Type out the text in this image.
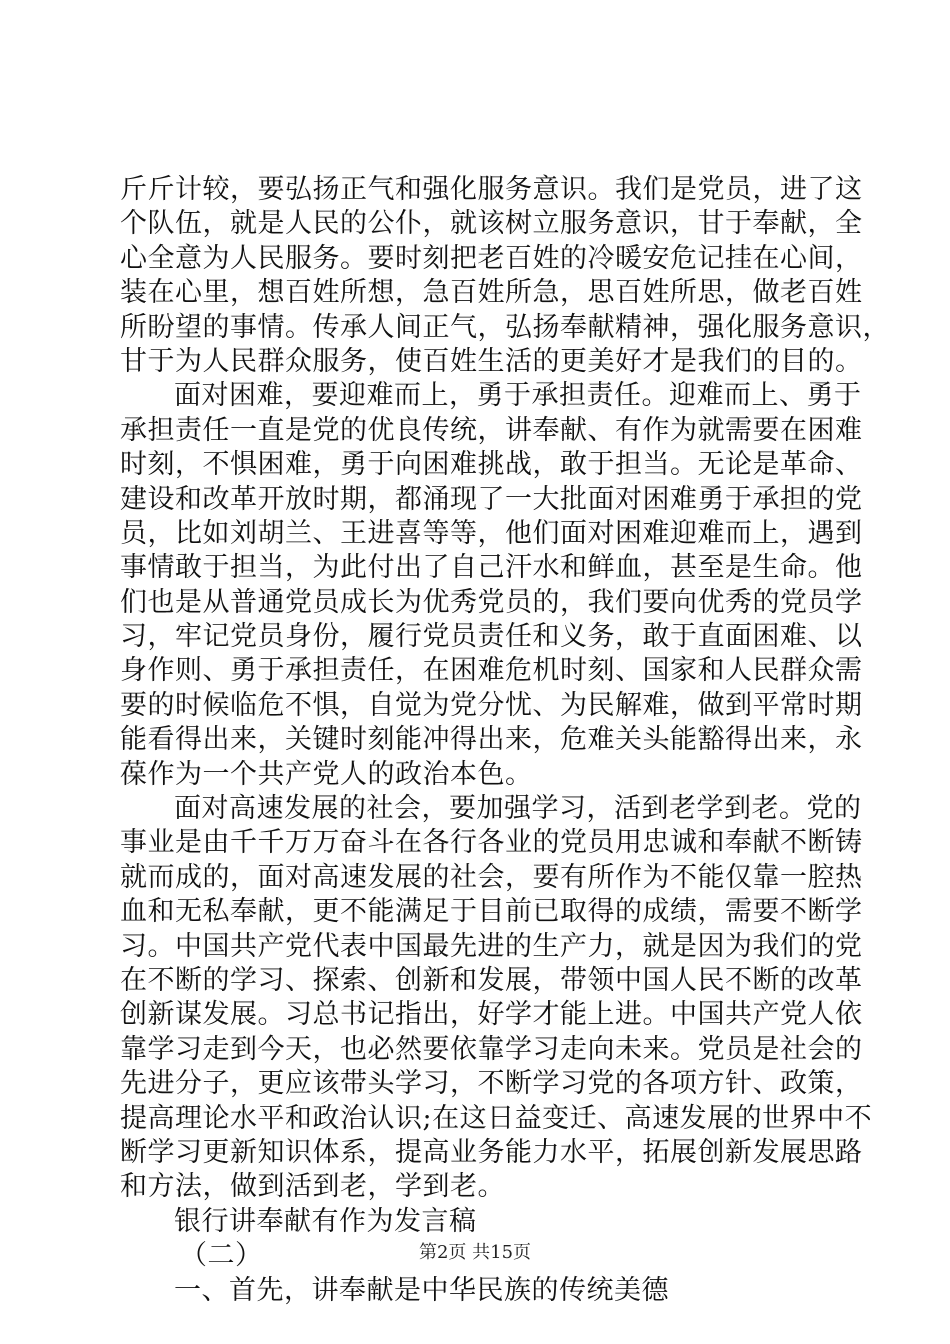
斤斤计较，要弘扬正气和强化服务意识。我们是党员，进了这
个队伍，就是人民的公仆，就该树立服务意识，甘于奉献，全
心全意为人民服务。要时刻把老百姓的冷暖安危记挂在心间，
装在心里，想百姓所想，急百姓所急，思百姓所思，做老百姓
所盼望的事情。传承人间正气，弘扬奉献精神，强化服务意识，
甘于为人民群众服务，使百姓生活的更美好才是我们的目的。
面对困难，要迎难而上，勇于承担责任。迎难而上、勇于
承担责任一直是党的优良传统，讲奉献、有作为就需要在困难
时刻，不惧困难，勇于向困难挑战，敢于担当。无论是革命、
建设和改革开放时期，都涌现了一大批面对困难勇于承担的党
员，比如刘胡兰、王进喜等等，他们面对困难迎难而上，遇到
事情敢于担当，为此付出了自己汗水和鲜血，甚至是生命。他
们也是从普通党员成长为优秀党员的，我们要向优秀的党员学
习，牢记党员身份，履行党员责任和义务，敢于直面困难、以
身作则、勇于承担责任，在困难危机时刻、国家和人民群众需
要的时候临危不惧，自觉为党分忧、为民解难，做到平常时期
能看得出来，关键时刻能冲得出来，危难关头能豁得出来，永
葆作为一个共产党人的政治本色。
面对高速发展的社会，要加强学习，活到老学到老。党的
事业是由千千万万奋斗在各行各业的党员用忠诚和奉献不断铸
就而成的，面对高速发展的社会，要有所作为不能仅靠一腔热
血和无私奉献，更不能满足于目前已取得的成绩，需要不断学
习。中国共产党代表中国最先进的生产力，就是因为我们的党
在不断的学习、探索、创新和发展，带领中国人民不断的改革
创新谋发展。习总书记指出，好学才能上进。中国共产党人依
靠学习走到今天，也必然要依靠学习走向未来。党员是社会的
先进分子，更应该带头学习，不断学习党的各项方针、政策，
提高理论水平和政治认识;在这日益变迁、高速发展的世界中不
断学习更新知识体系，提高业务能力水平，拓展创新发展思路
和方法，做到活到老，学到老。
银行讲奉献有作为发言稿
（二）
一、首先，讲奉献是中华民族的传统美德
第2页 共15页
